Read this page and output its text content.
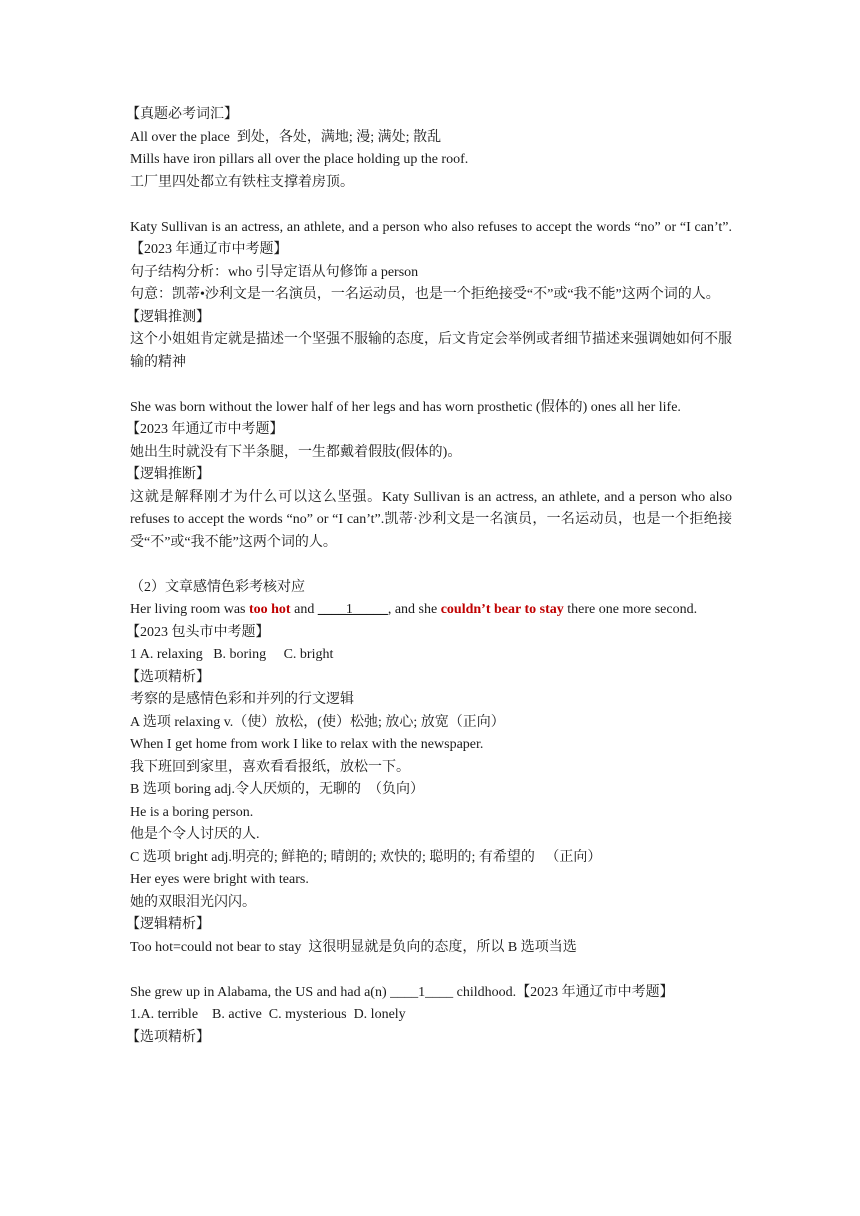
【真题必考词汇】

All over the place  到处，各处，满地; 漫; 满处; 散乱

Mills have iron pillars all over the place holding up the roof.

工厂里四处都立有铁柱支撑着房顶。

Katy Sullivan is an actress, an athlete, and a person who also refuses to accept the words “no” or “I can’t”.【2023 年通辽市中考题】

句子结构分析：who 引导定语从句修饰 a person

句意：凯蒂•沙利文是一名演员，一名运动员，也是一个拒绝接受“不”或“我不能”这两个词的人。

【逻辑推测】

这个小姐姐肯定就是描述一个坚强不服输的态度，后文肯定会举例或者细节描述来强调她如何不服输的精神

She was born without the lower half of her legs and has worn prosthetic (假体的) ones all her life.

【2023 年通辽市中考题】

她出生时就没有下半条腿，一生都戴着假肢(假体的)。

【逻辑推断】

这就是解释刚才为什么可以这么坚强。Katy Sullivan is an actress, an athlete, and a person who also refuses to accept the words “no” or “I can’t”.凯蒂·沙利文是一名演员，一名运动员，也是一个拒绝接受“不”或“我不能”这两个词的人。

（2）文章感情色彩考核对应

Her living room was too hot and ____1_____, and she couldn’t bear to stay there one more second.

【2023 包头市中考题】

1 A. relaxing   B. boring     C. bright

【选项精析】

考察的是感情色彩和并列的行文逻辑

A 选项 relaxing v.（使）放松，(使）松弛; 放心; 放宽（正向）

When I get home from work I like to relax with the newspaper.

我下班回到家里，喜欢看看报纸，放松一下。

B 选项 boring adj.令人厌烦的，无聊的  （负向）

He is a boring person.

他是个令人讨厌的人.

C 选项 bright adj.明亮的; 鲜艳的; 晴朗的; 欢快的; 聪明的; 有希望的   （正向）

Her eyes were bright with tears.

她的双眼泪光闪闪。

【逻辑精析】

Too hot=could not bear to stay  这很明显就是负向的态度，所以 B 选项当选

She grew up in Alabama, the US and had a(n) ____1____ childhood.【2023 年通辽市中考题】

1.A. terrible    B. active  C. mysterious  D. lonely

【选项精析】
